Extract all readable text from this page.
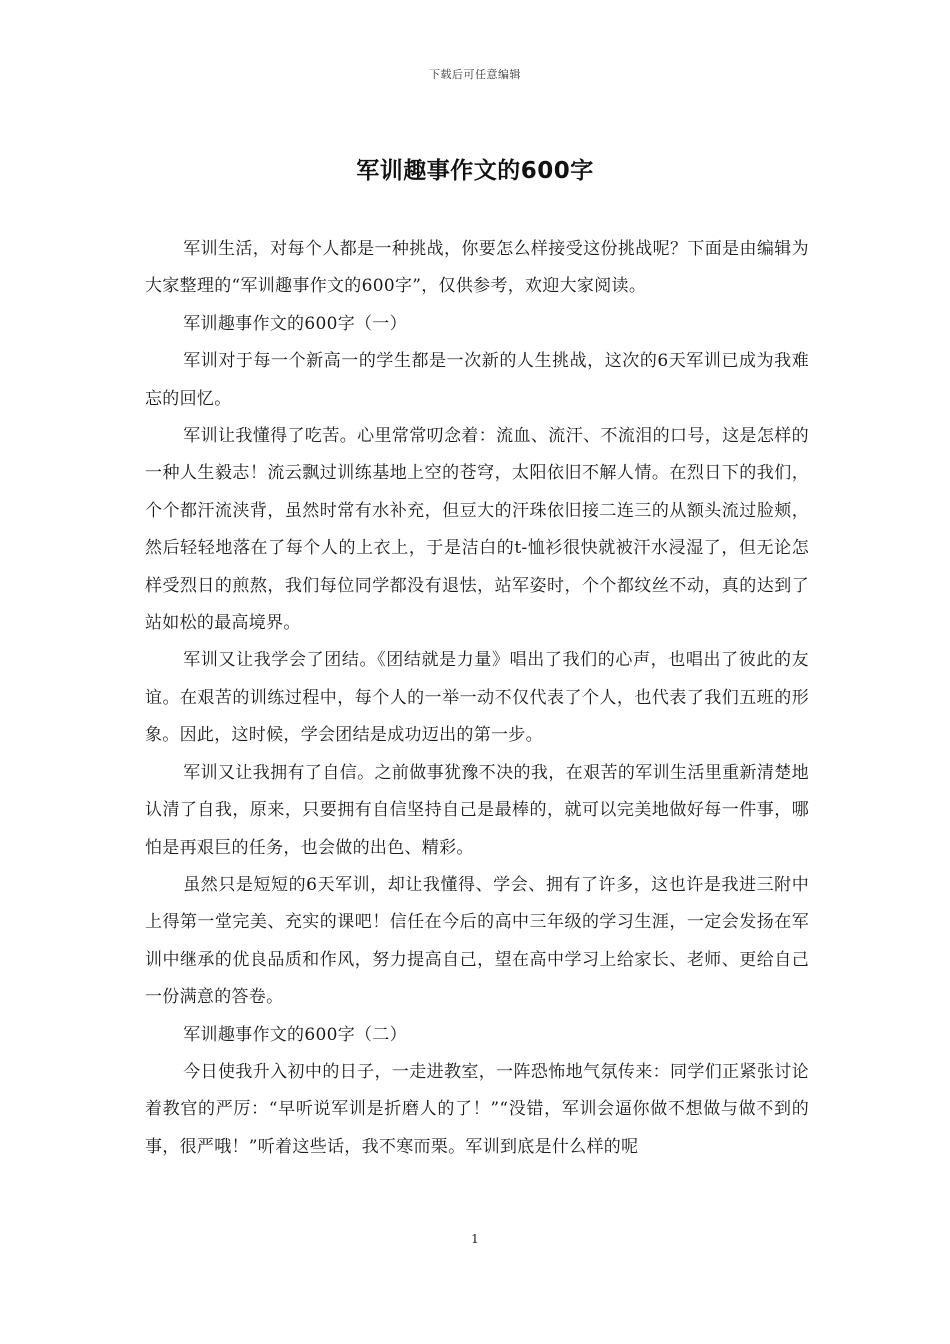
下载后可任意编辑
军训趣事作文的600字

军训生活，对每个人都是一种挑战，你要怎么样接受这份挑战呢？下面是由编辑为大家整理的“军训趣事作文的600字”，仅供参考，欢迎大家阅读。

军训趣事作文的600字（一）

军训对于每一个新高一的学生都是一次新的人生挑战，这次的6天军训已成为我难忘的回忆。

军训让我懂得了吃苦。心里常常叨念着：流血、流汗、不流泪的口号，这是怎样的一种人生毅志！流云飘过训练基地上空的苍穹，太阳依旧不解人情。在烈日下的我们，个个都汗流浃背，虽然时常有水补充，但豆大的汗珠依旧接二连三的从额头流过脸颊，然后轻轻地落在了每个人的上衣上，于是洁白的t-恤衫很快就被汗水浸湿了，但无论怎样受烈日的煎熬，我们每位同学都没有退怯，站军姿时，个个都纹丝不动，真的达到了站如松的最高境界。

军训又让我学会了团结。《团结就是力量》唱出了我们的心声，也唱出了彼此的友谊。在艰苦的训练过程中，每个人的一举一动不仅代表了个人，也代表了我们五班的形象。因此，这时候，学会团结是成功迈出的第一步。

军训又让我拥有了自信。之前做事犹豫不决的我，在艰苦的军训生活里重新清楚地认清了自我，原来，只要拥有自信坚持自己是最棒的，就可以完美地做好每一件事，哪怕是再艰巨的任务，也会做的出色、精彩。

虽然只是短短的6天军训，却让我懂得、学会、拥有了许多，这也许是我进三附中上得第一堂完美、充实的课吧！信任在今后的高中三年级的学习生涯，一定会发扬在军训中继承的优良品质和作风，努力提高自己，望在高中学习上给家长、老师、更给自己一份满意的答卷。

军训趣事作文的600字（二）

今日使我升入初中的日子，一走进教室，一阵恐怖地气氛传来：同学们正紧张讨论着教官的严厉：“早听说军训是折磨人的了！”“没错，军训会逼你做不想做与做不到的事，很严哦！”听着这些话，我不寒而栗。军训到底是什么样的呢

1
